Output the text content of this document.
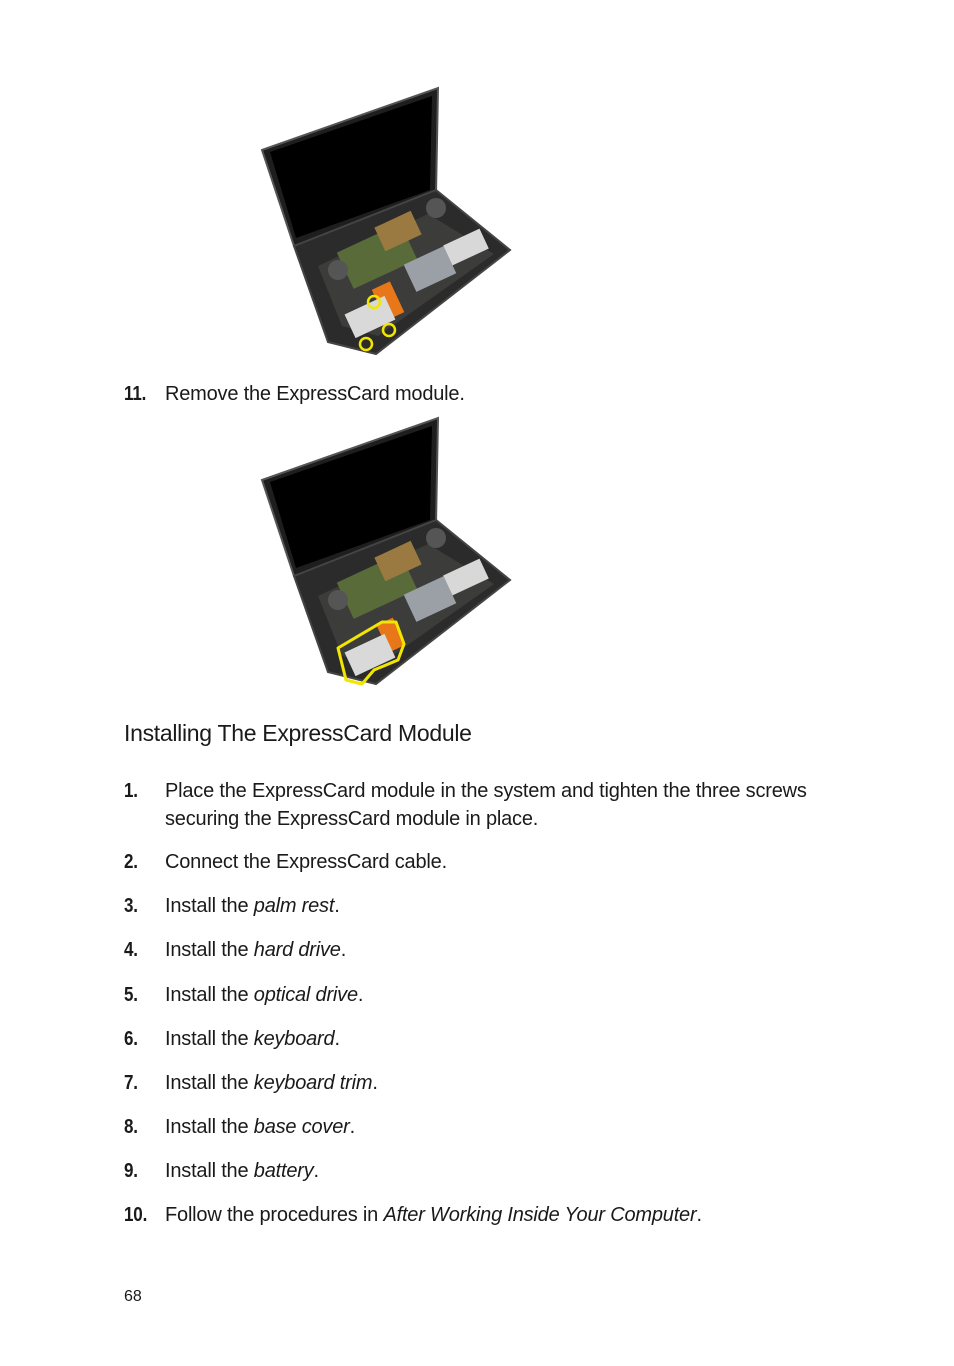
11. Remove the ExpressCard module.
Installing The ExpressCard Module
1. Place the ExpressCard module in the system and tighten the three screws securing the ExpressCard module in place.
2. Connect the ExpressCard cable.
3. Install the palm rest.
4. Install the hard drive.
5. Install the optical drive.
6. Install the keyboard.
7. Install the keyboard trim.
8. Install the base cover.
9. Install the battery.
10. Follow the procedures in After Working Inside Your Computer.
68
